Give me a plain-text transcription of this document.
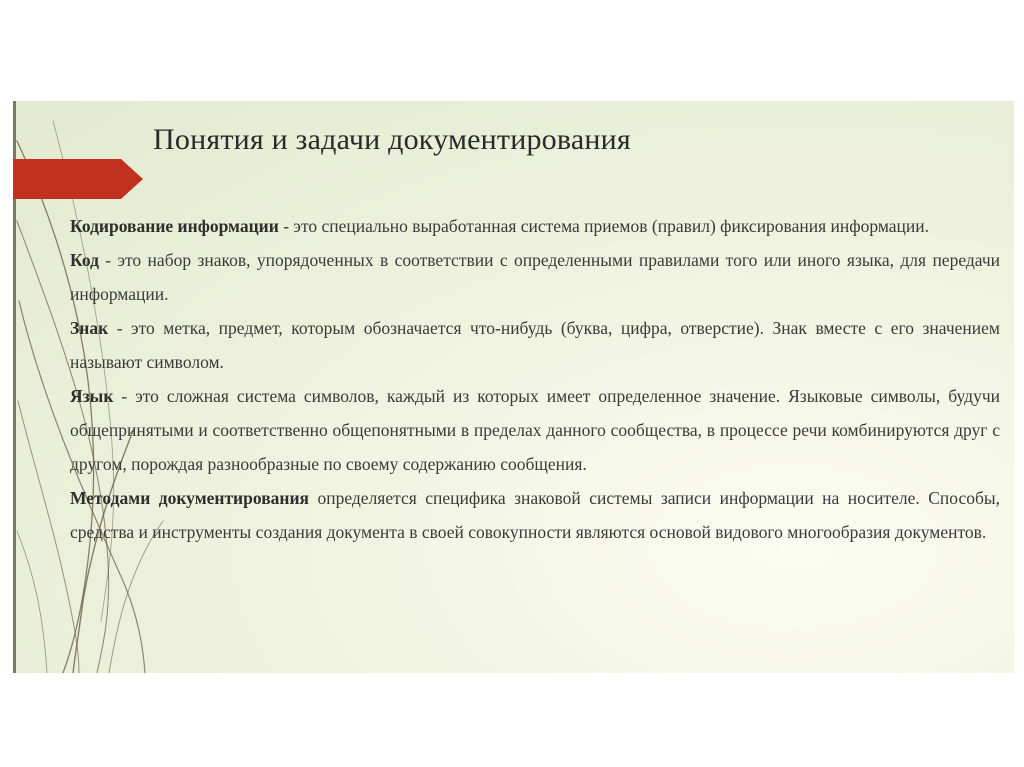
Понятия и задачи документирования

Кодирование информации - это специально выработанная система приемов (правил) фиксирования информации.

Код - это набор знаков, упорядоченных в соответствии с определенными правилами того или иного языка, для передачи информации.

Знак - это метка, предмет, которым обозначается что-нибудь (буква, цифра, отверстие). Знак вместе с его значением называют символом.

Язык - это сложная система символов, каждый из которых имеет определенное значение. Языковые символы, будучи общепринятыми и соответственно общепонятными в пределах данного сообщества, в процессе речи комбинируются друг с другом, порождая разнообразные по своему содержанию сообщения.

Методами документирования определяется специфика знаковой системы записи информации на носителе. Способы, средства и инструменты создания документа в своей совокупности являются основой видового многообразия документов.
